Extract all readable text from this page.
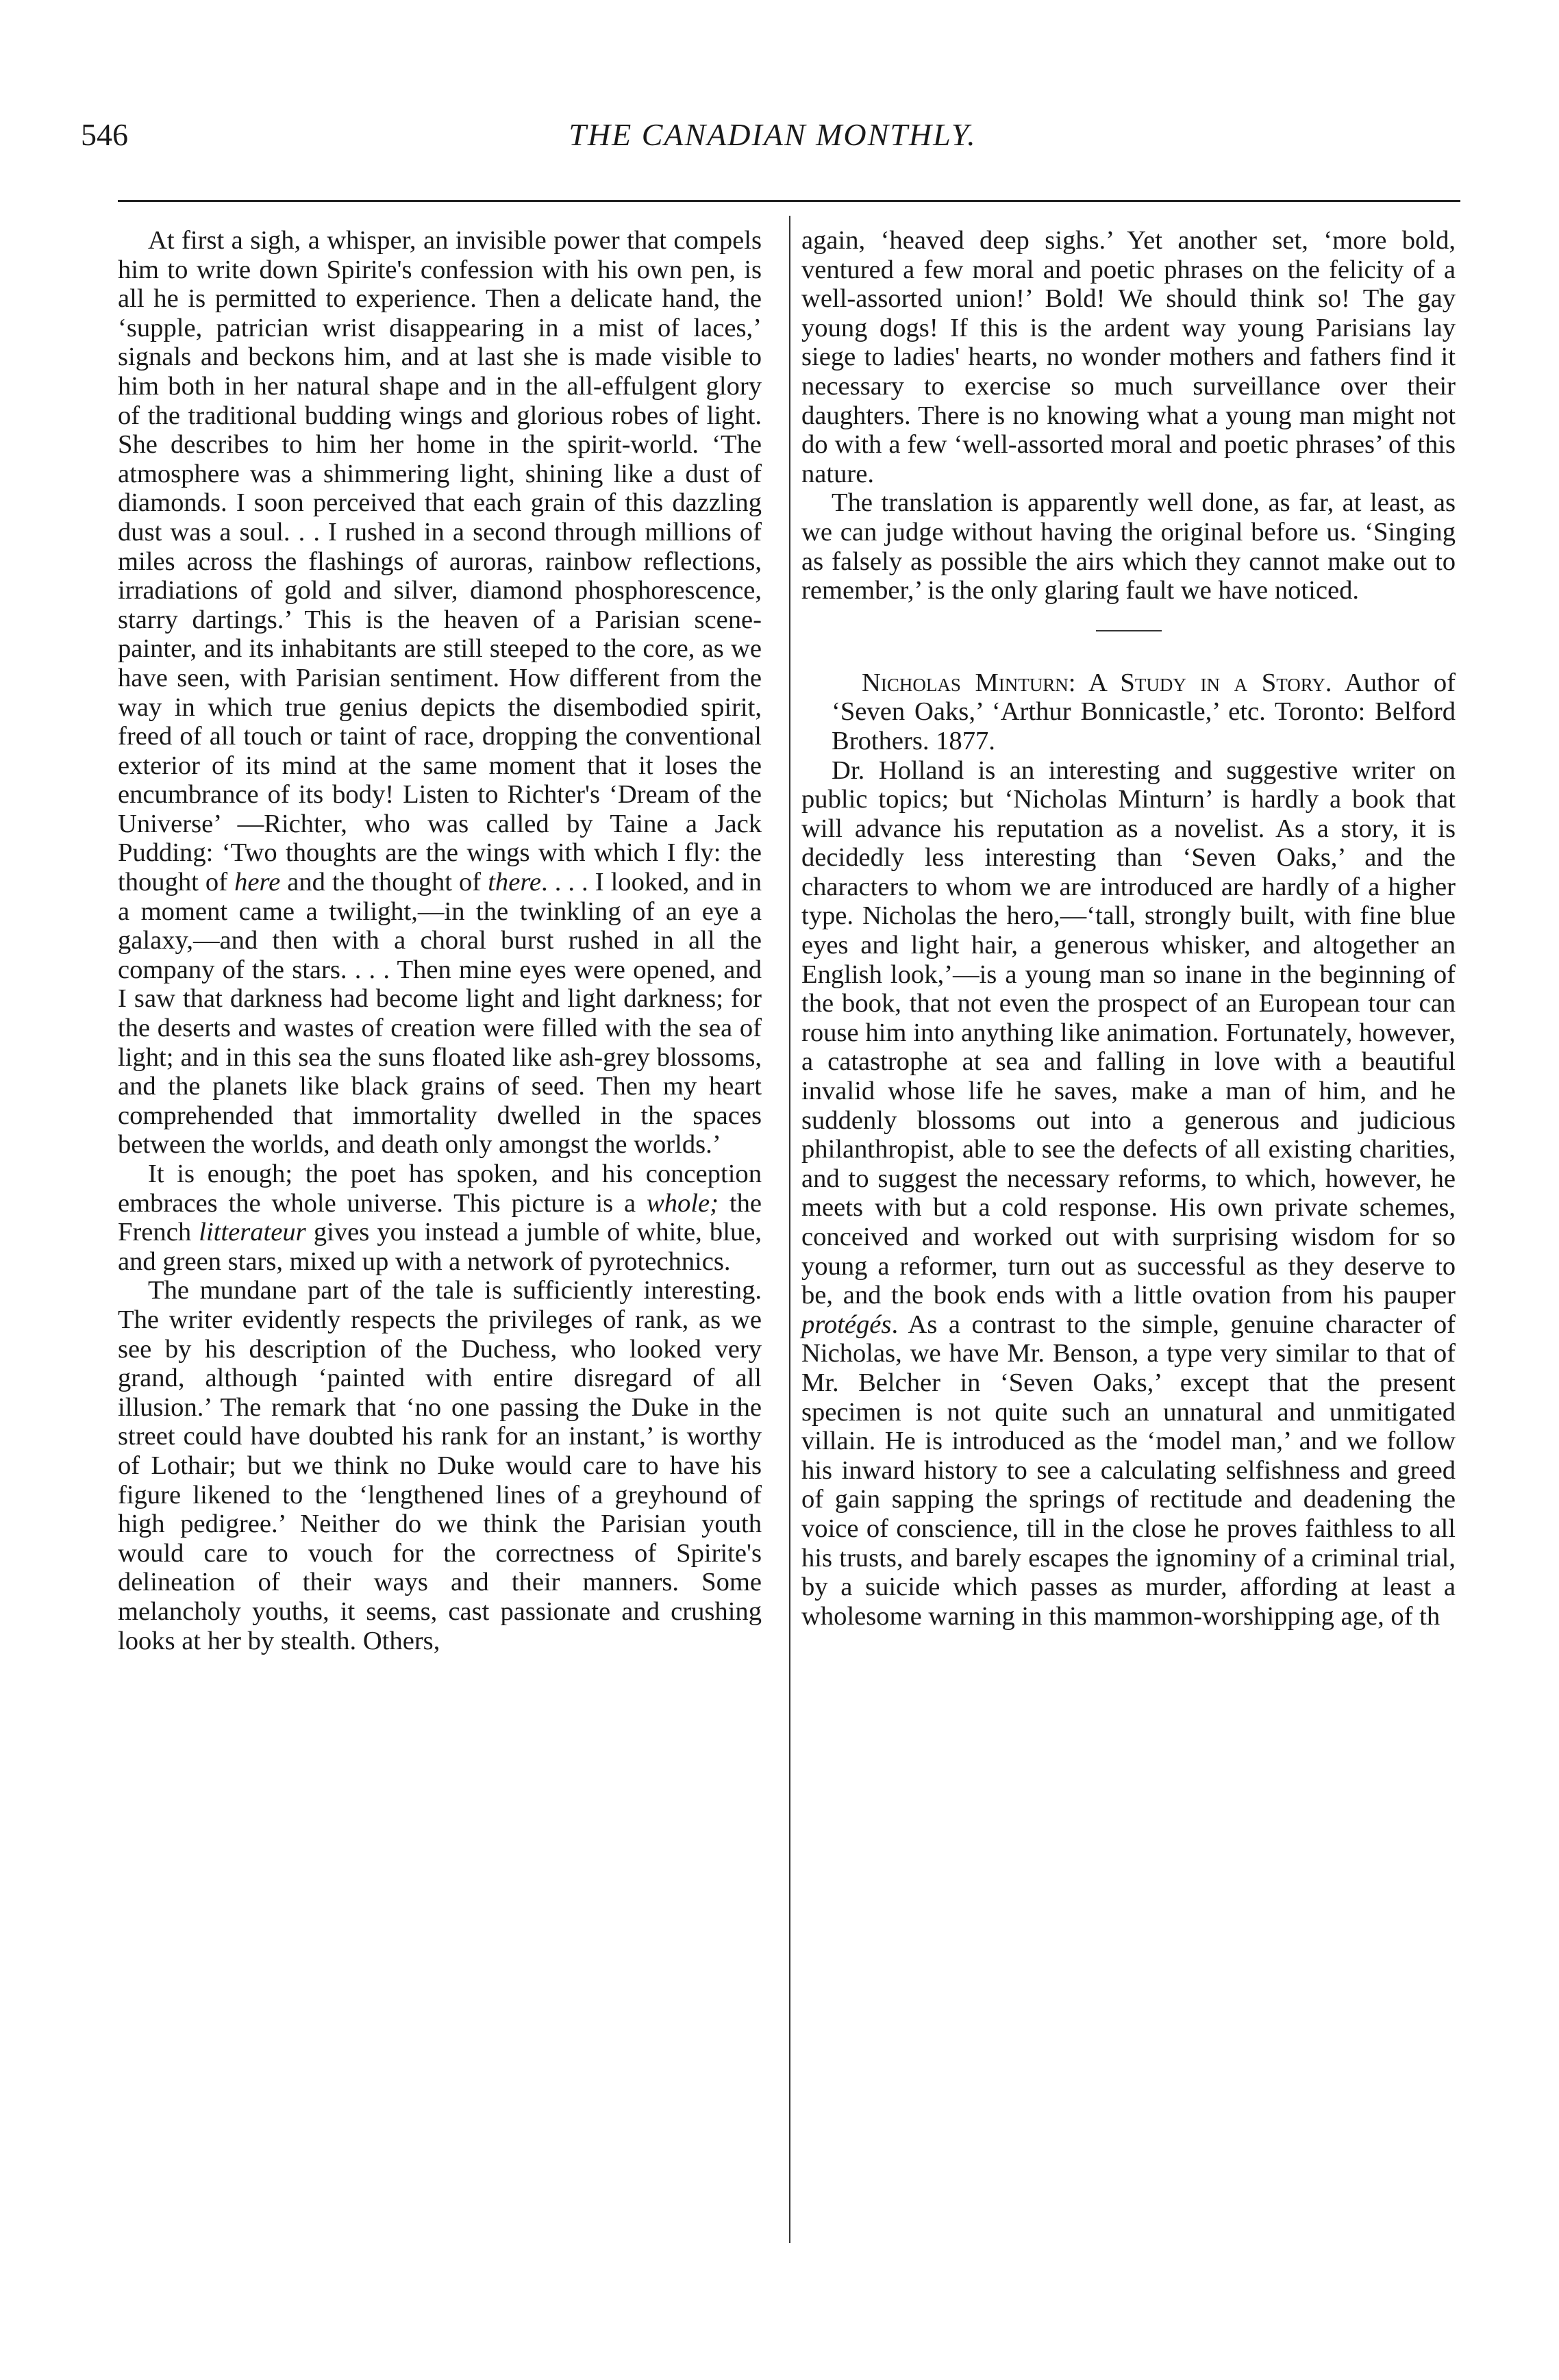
546	THE CANADIAN MONTHLY.

At first a sigh, a whisper, an invisible power that compels him to write down Spirite's confession with his own pen, is all he is permitted to experience. Then a delicate hand, the ‘supple, patrician wrist disappearing in a mist of laces,’ signals and beckons him, and at last she is made visible to him both in her natural shape and in the all-effulgent glory of the traditional budding wings and glorious robes of light. She describes to him her home in the spirit-world. ‘The atmosphere was a shimmering light, shining like a dust of diamonds. I soon perceived that each grain of this dazzling dust was a soul. . . I rushed in a second through millions of miles across the flashings of auroras, rainbow reflections, irradiations of gold and silver, diamond phosphorescence, starry dartings.’ This is the heaven of a Parisian scene-painter, and its inhabitants are still steeped to the core, as we have seen, with Parisian sentiment. How different from the way in which true genius depicts the disembodied spirit, freed of all touch or taint of race, dropping the conventional exterior of its mind at the same moment that it loses the encumbrance of its body! Listen to Richter's ‘Dream of the Universe’ —Richter, who was called by Taine a Jack Pudding: ‘Two thoughts are the wings with which I fly: the thought of here and the thought of there. . . . I looked, and in a moment came a twilight,—in the twinkling of an eye a galaxy,—and then with a choral burst rushed in all the company of the stars. . . . Then mine eyes were opened, and I saw that darkness had become light and light darkness; for the deserts and wastes of creation were filled with the sea of light; and in this sea the suns floated like ash-grey blossoms, and the planets like black grains of seed. Then my heart comprehended that immortality dwelled in the spaces between the worlds, and death only amongst the worlds.’

It is enough; the poet has spoken, and his conception embraces the whole universe. This picture is a whole; the French litterateur gives you instead a jumble of white, blue, and green stars, mixed up with a network of pyrotechnics.

The mundane part of the tale is sufficiently interesting. The writer evidently respects the privileges of rank, as we see by his description of the Duchess, who looked very grand, although ‘painted with entire disregard of all illusion.’ The remark that ‘no one passing the Duke in the street could have doubted his rank for an instant,’ is worthy of Lothair; but we think no Duke would care to have his figure likened to the ‘lengthened lines of a greyhound of high pedigree.’ Neither do we think the Parisian youth would care to vouch for the correctness of Spirite's delineation of their ways and their manners. Some melancholy youths, it seems, cast passionate and crushing looks at her by stealth. Others,

again, ‘heaved deep sighs.’ Yet another set, ‘more bold, ventured a few moral and poetic phrases on the felicity of a well-assorted union!’ Bold! We should think so! The gay young dogs! If this is the ardent way young Parisians lay siege to ladies' hearts, no wonder mothers and fathers find it necessary to exercise so much surveillance over their daughters. There is no knowing what a young man might not do with a few ‘well-assorted moral and poetic phrases’ of this nature.

The translation is apparently well done, as far, at least, as we can judge without having the original before us. ‘Singing as falsely as possible the airs which they cannot make out to remember,’ is the only glaring fault we have noticed.

Nicholas Minturn: A Study in a Story. Author of ‘Seven Oaks,’ ‘Arthur Bonnicastle,’ etc. Toronto: Belford Brothers. 1877.

Dr. Holland is an interesting and suggestive writer on public topics; but ‘Nicholas Minturn’ is hardly a book that will advance his reputation as a novelist. As a story, it is decidedly less interesting than ‘Seven Oaks,’ and the characters to whom we are introduced are hardly of a higher type. Nicholas the hero,—‘tall, strongly built, with fine blue eyes and light hair, a generous whisker, and altogether an English look,’—is a young man so inane in the beginning of the book, that not even the prospect of an European tour can rouse him into anything like animation. Fortunately, however, a catastrophe at sea and falling in love with a beautiful invalid whose life he saves, make a man of him, and he suddenly blossoms out into a generous and judicious philanthropist, able to see the defects of all existing charities, and to suggest the necessary reforms, to which, however, he meets with but a cold response. His own private schemes, conceived and worked out with surprising wisdom for so young a reformer, turn out as successful as they deserve to be, and the book ends with a little ovation from his pauper protégés. As a contrast to the simple, genuine character of Nicholas, we have Mr. Benson, a type very similar to that of Mr. Belcher in ‘Seven Oaks,’ except that the present specimen is not quite such an unnatural and unmitigated villain. He is introduced as the ‘model man,’ and we follow his inward history to see a calculating selfishness and greed of gain sapping the springs of rectitude and deadening the voice of conscience, till in the close he proves faithless to all his trusts, and barely escapes the ignominy of a criminal trial, by a suicide which passes as murder, affording at least a wholesome warning in this mammon-worshipping age, of th
